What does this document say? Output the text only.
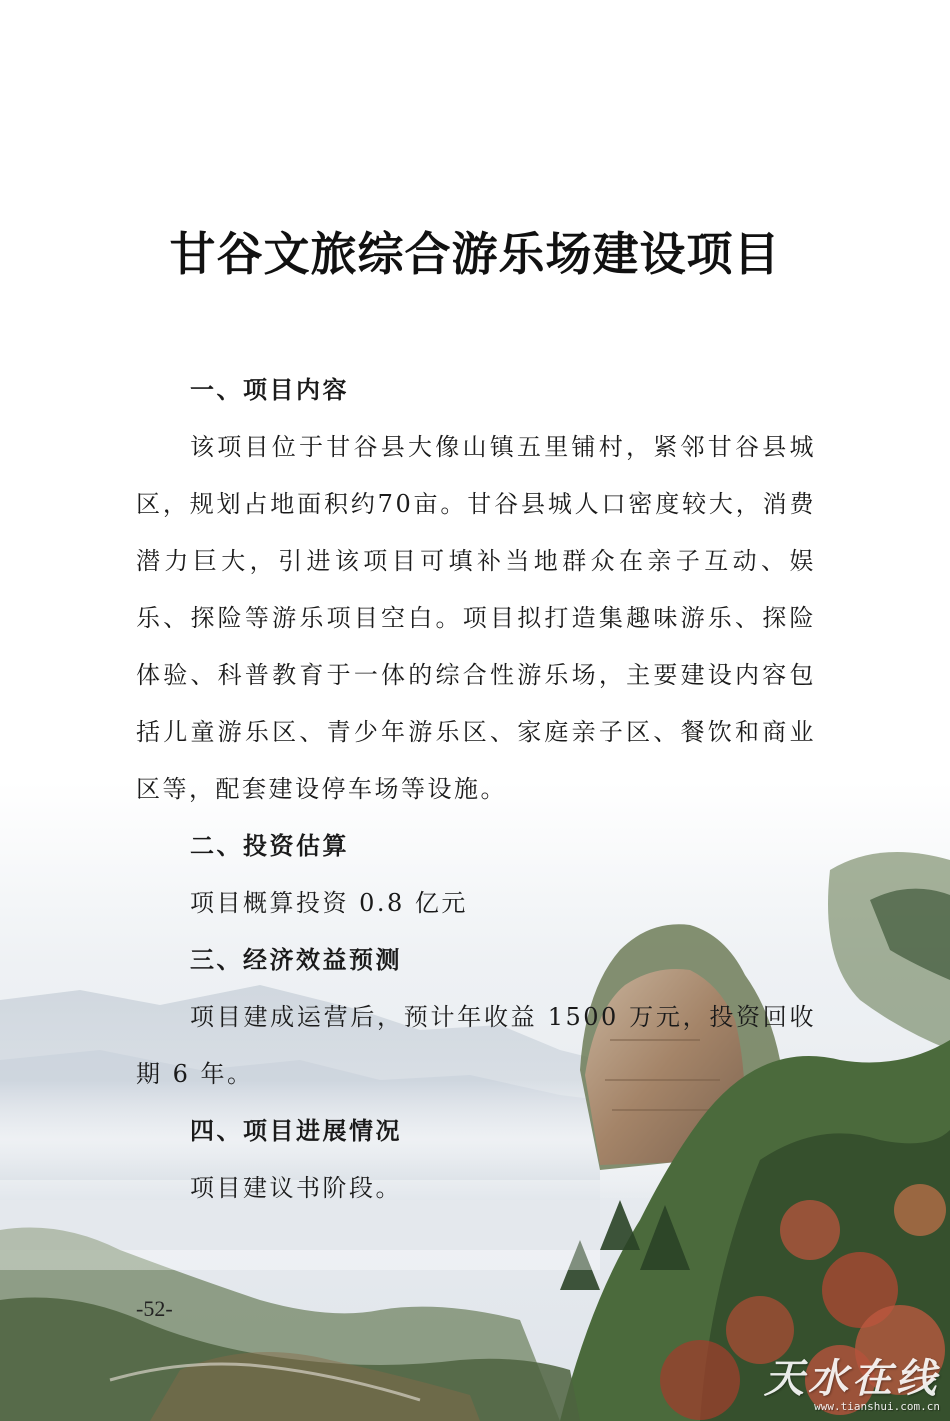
甘谷文旅综合游乐场建设项目

一、项目内容

该项目位于甘谷县大像山镇五里铺村，紧邻甘谷县城区，规划占地面积约70亩。甘谷县城人口密度较大，消费潜力巨大，引进该项目可填补当地群众在亲子互动、娱乐、探险等游乐项目空白。项目拟打造集趣味游乐、探险体验、科普教育于一体的综合性游乐场，主要建设内容包括儿童游乐区、青少年游乐区、家庭亲子区、餐饮和商业区等，配套建设停车场等设施。

二、投资估算

项目概算投资 0.8 亿元

三、经济效益预测

项目建成运营后，预计年收益 1500 万元，投资回收期 6 年。

四、项目进展情况

项目建议书阶段。

-52-
天水在线
www.tianshui.com.cn
